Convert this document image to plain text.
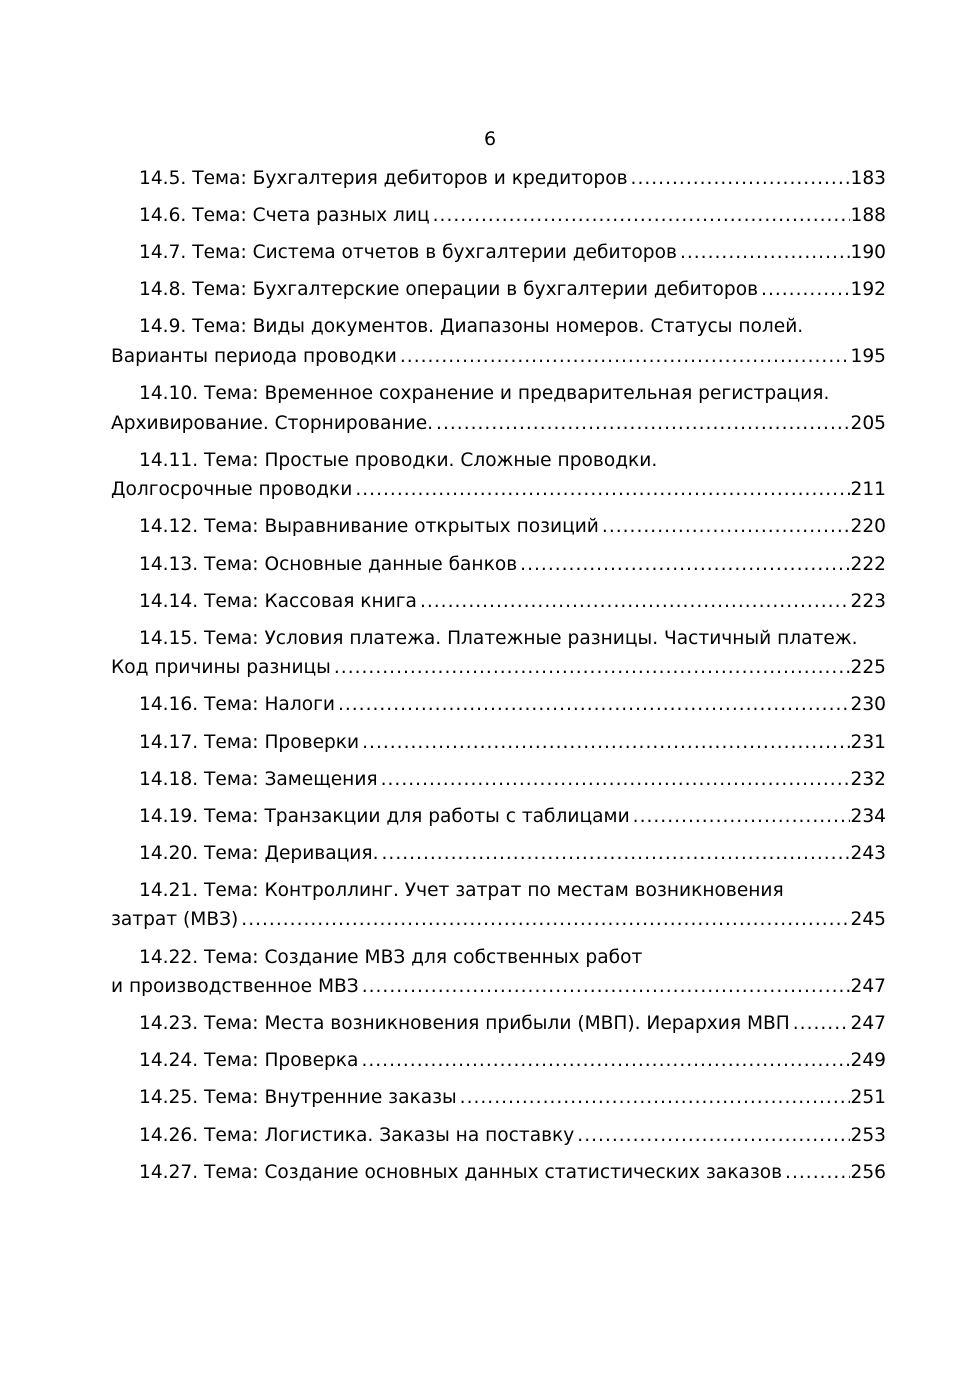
6
14.5. Тема: Бухгалтерия дебиторов и кредиторов .....	183
14.6. Тема: Счета разных лиц .....	188
14.7. Тема: Система отчетов в бухгалтерии дебиторов .....	190
14.8. Тема: Бухгалтерские операции в бухгалтерии дебиторов .....	192
14.9. Тема: Виды документов. Диапазоны номеров. Статусы полей.
Варианты периода проводки .....	195
14.10. Тема: Временное сохранение и предварительная регистрация.
Архивирование. Сторнирование. .....	205
14.11. Тема: Простые проводки. Сложные проводки.
Долгосрочные проводки .....	211
14.12. Тема: Выравнивание открытых позиций .....	220
14.13. Тема: Основные данные банков .....	222
14.14. Тема: Кассовая книга .....	223
14.15. Тема: Условия платежа. Платежные разницы. Частичный платеж.
Код причины разницы .....	225
14.16. Тема: Налоги .....	230
14.17. Тема: Проверки .....	231
14.18. Тема: Замещения .....	232
14.19. Тема: Транзакции для работы с таблицами .....	234
14.20. Тема: Деривация. .....	243
14.21. Тема: Контроллинг. Учет затрат по местам возникновения
затрат (МВЗ) .....	245
14.22. Тема: Создание МВЗ для собственных работ
и производственное МВЗ .....	247
14.23. Тема: Места возникновения прибыли (МВП). Иерархия МВП .....	247
14.24. Тема: Проверка .....	249
14.25. Тема: Внутренние заказы .....	251
14.26. Тема: Логистика. Заказы на поставку .....	253
14.27. Тема: Создание основных данных статистических заказов .....	256
